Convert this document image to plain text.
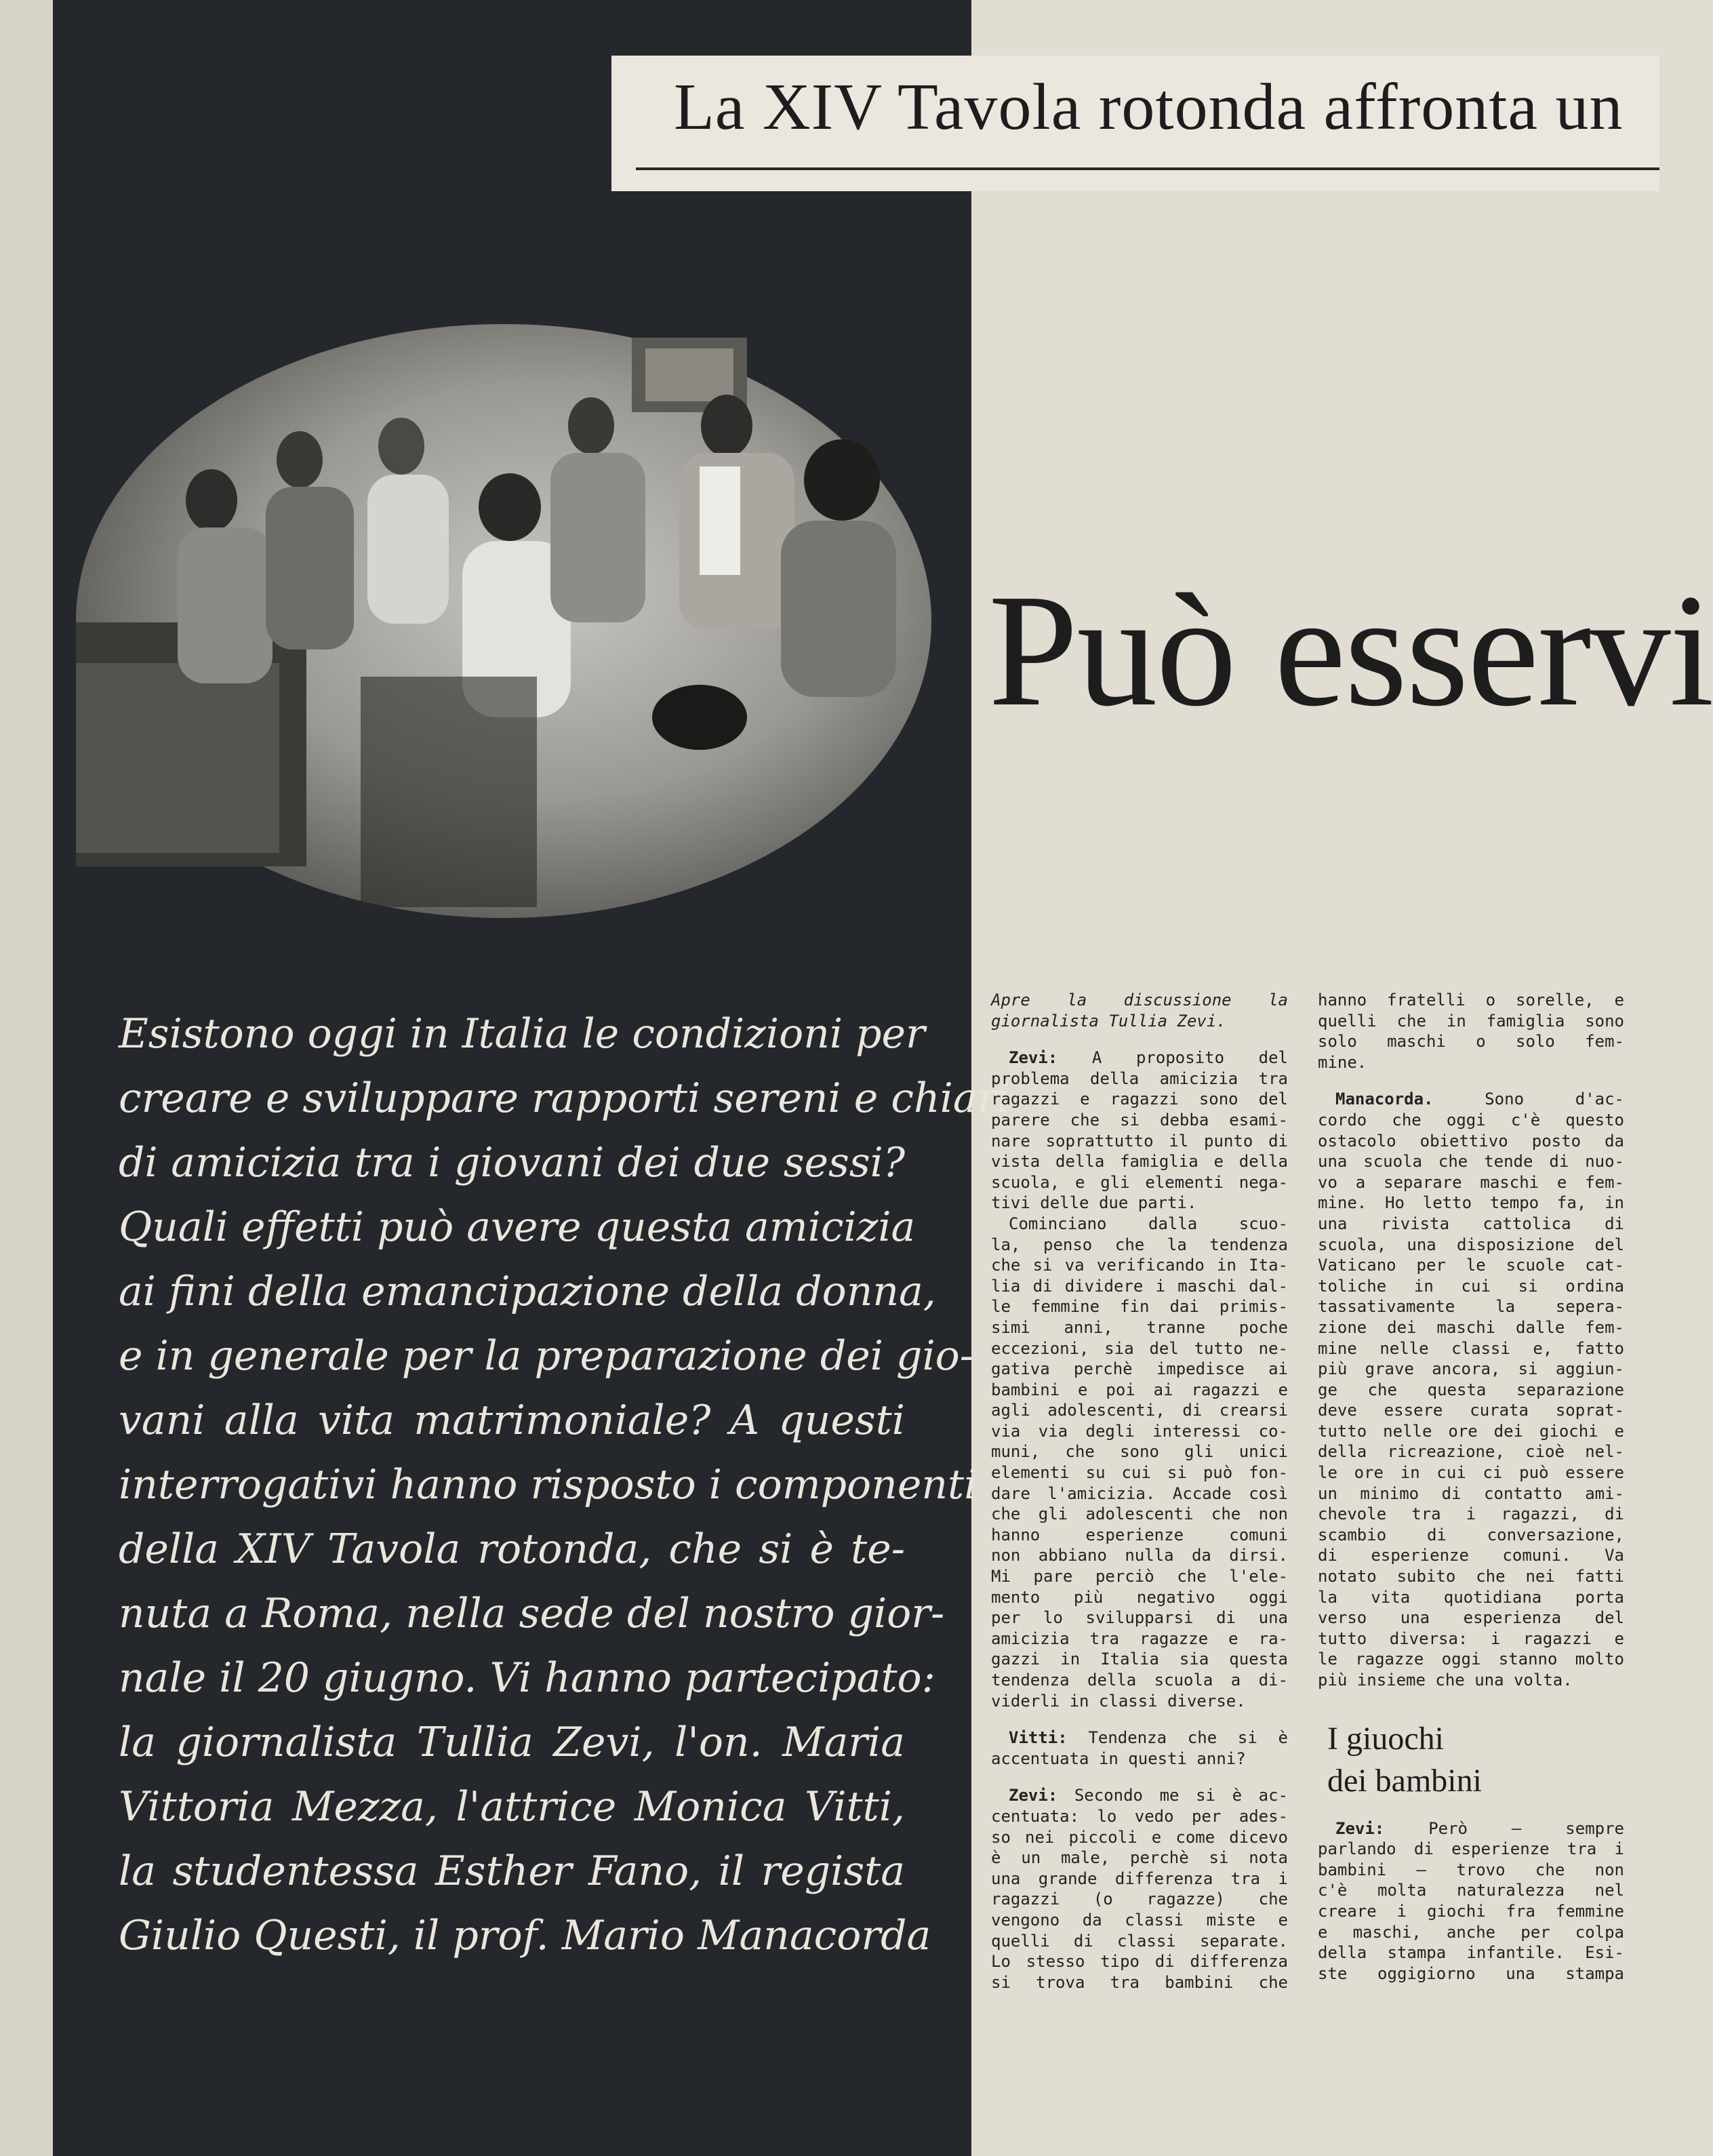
La XIV Tavola rotonda affronta un
Esistono oggi in Italia le condizioni per
creare e sviluppare rapporti sereni e chiari
di amicizia tra i giovani dei due sessi?
Quali effetti può avere questa amicizia
ai fini della emancipazione della donna,
e in generale per la preparazione dei gio-
vani alla vita matrimoniale? A questi
interrogativi hanno risposto i componenti
della XIV Tavola rotonda, che si è te-
nuta a Roma, nella sede del nostro gior-
nale il 20 giugno. Vi hanno partecipato:
la giornalista Tullia Zevi, l'on. Maria
Vittoria Mezza, l'attrice Monica Vitti,
la studentessa Esther Fano, il regista
Giulio Questi, il prof. Mario Manacorda
Può esservi
Apre la discussione la
giornalista Tullia Zevi.
Zevi: A proposito del
problema della amicizia tra
ragazzi e ragazzi sono del
parere che si debba esami-
nare soprattutto il punto di
vista della famiglia e della
scuola, e gli elementi nega-
tivi delle due parti.
Cominciano dalla scuo-
la, penso che la tendenza
che si va verificando in Ita-
lia di dividere i maschi dal-
le femmine fin dai primis-
simi anni, tranne poche
eccezioni, sia del tutto ne-
gativa perchè impedisce ai
bambini e poi ai ragazzi e
agli adolescenti, di crearsi
via via degli interessi co-
muni, che sono gli unici
elementi su cui si può fon-
dare l'amicizia. Accade così
che gli adolescenti che non
hanno esperienze comuni
non abbiano nulla da dirsi.
Mi pare perciò che l'ele-
mento più negativo oggi
per lo svilupparsi di una
amicizia tra ragazze e ra-
gazzi in Italia sia questa
tendenza della scuola a di-
viderli in classi diverse.
Vitti: Tendenza che si è
accentuata in questi anni?
Zevi: Secondo me si è ac-
centuata: lo vedo per ades-
so nei piccoli e come dicevo
è un male, perchè si nota
una grande differenza tra i
ragazzi (o ragazze) che
vengono da classi miste e
quelli di classi separate.
Lo stesso tipo di differenza
si trova tra bambini che
hanno fratelli o sorelle, e
quelli che in famiglia sono
solo maschi o solo fem-
mine.
Manacorda.	Sono d'ac-
cordo che oggi c'è questo
ostacolo obiettivo posto da
una scuola che tende di nuo-
vo a separare maschi e fem-
mine. Ho letto tempo fa, in
una rivista cattolica di
scuola, una disposizione del
Vaticano per le scuole cat-
toliche in cui si ordina
tassativamente la sepera-
zione dei maschi dalle fem-
mine nelle classi e, fatto
più grave ancora, si aggiun-
ge che questa separazione
deve essere curata soprat-
tutto nelle ore dei giochi e
della ricreazione, cioè nel-
le ore in cui ci può essere
un minimo di contatto ami-
chevole tra i ragazzi, di
scambio di conversazione,
di esperienze comuni. Va
notato subito che nei fatti
la vita quotidiana porta
verso una esperienza del
tutto diversa: i ragazzi e
le ragazze oggi stanno molto
più insieme che una volta.
I giuochi
dei bambini
Zevi:	Però — sempre
parlando di esperienze tra i
bambini — trovo che non
c'è molta naturalezza nel
creare i giochi fra femmine
e maschi, anche per colpa
della stampa infantile. Esi-
ste oggigiorno una stampa
